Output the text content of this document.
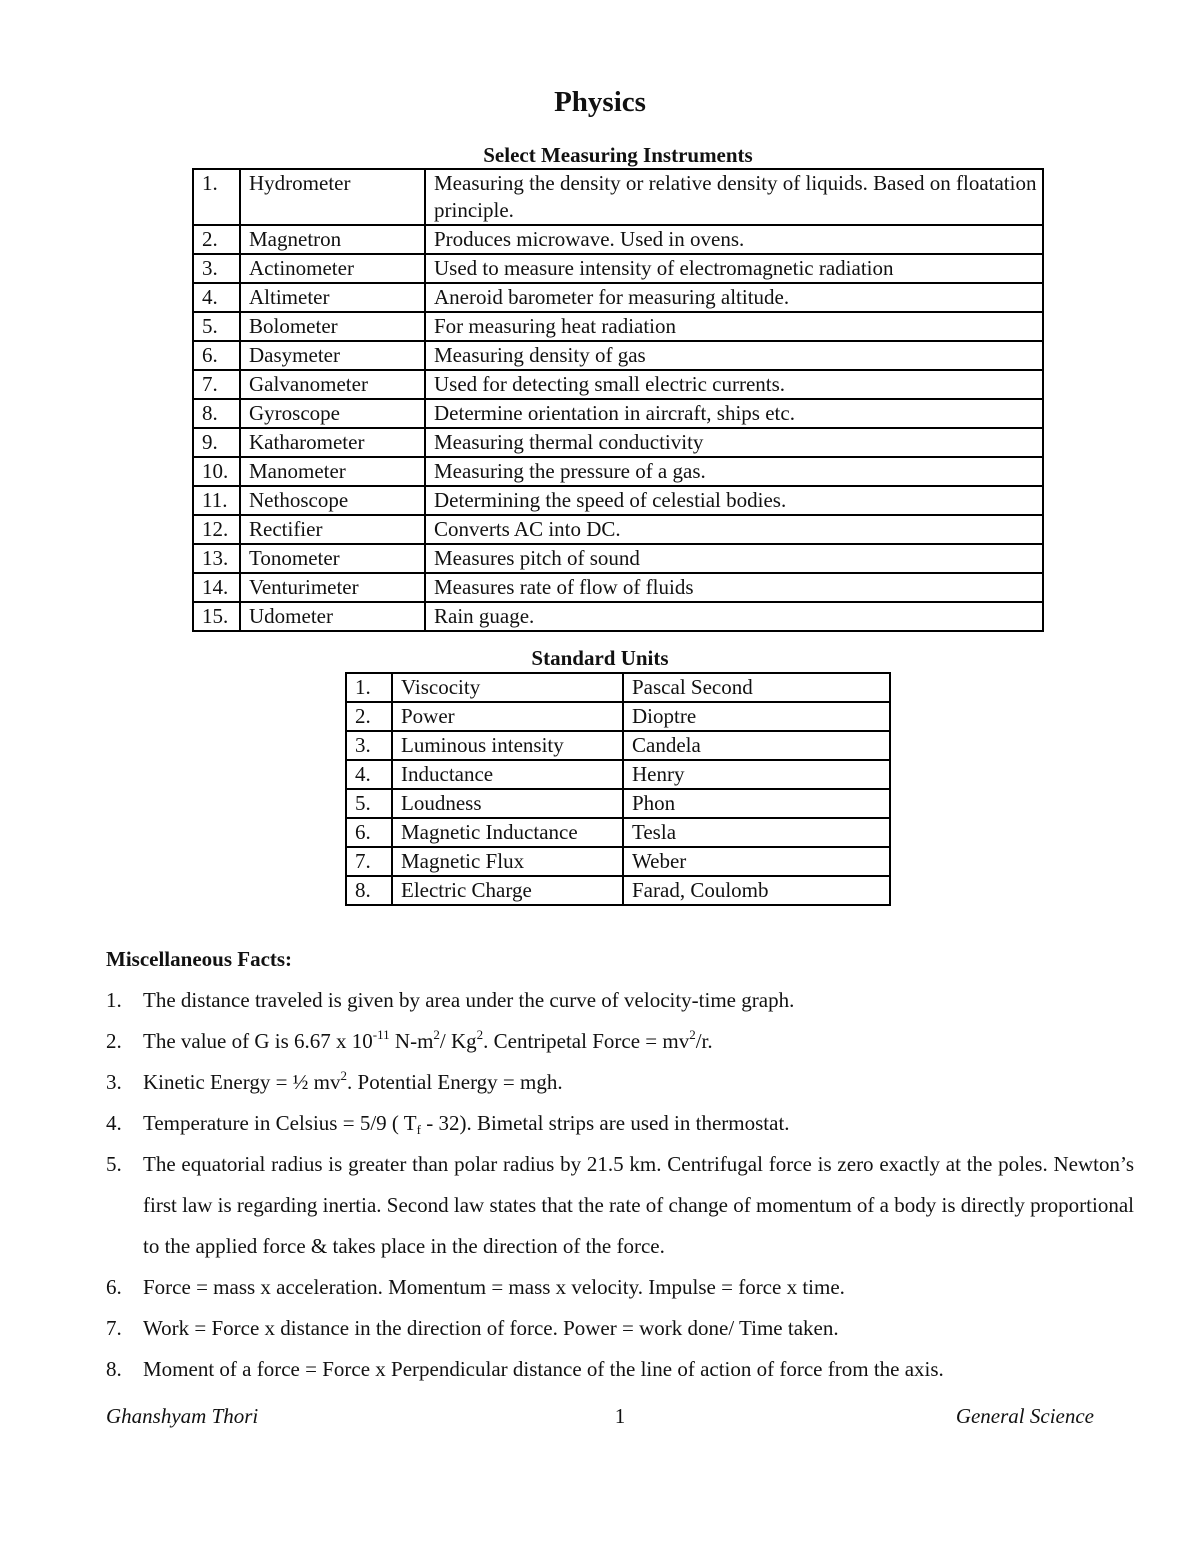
Physics
Select Measuring Instruments
1.	Hydrometer	Measuring the density or relative density of liquids. Based on floatation principle.
2.	Magnetron	Produces microwave. Used in ovens.
3.	Actinometer	Used to measure intensity of electromagnetic radiation
4.	Altimeter	Aneroid barometer for measuring altitude.
5.	Bolometer	For measuring heat radiation
6.	Dasymeter	Measuring density of gas
7.	Galvanometer	Used for detecting small electric currents.
8.	Gyroscope	Determine orientation in aircraft, ships etc.
9.	Katharometer	Measuring thermal conductivity
10.	Manometer	Measuring the pressure of a gas.
11.	Nethoscope	Determining the speed of celestial bodies.
12.	Rectifier	Converts AC into DC.
13.	Tonometer	Measures pitch of sound
14.	Venturimeter	Measures rate of flow of fluids
15.	Udometer	Rain guage.
Standard Units
1.	Viscocity	Pascal Second
2.	Power	Dioptre
3.	Luminous intensity	Candela
4.	Inductance	Henry
5.	Loudness	Phon
6.	Magnetic Inductance	Tesla
7.	Magnetic Flux	Weber
8.	Electric Charge	Farad, Coulomb
Miscellaneous Facts:
1. The distance traveled is given by area under the curve of velocity-time graph.
2. The value of G is 6.67 x $10^{-11}$ $N-m^2/$ Kg$^2$. Centripetal Force = $mv^2/r$.
3. Kinetic Energy = ½ $mv^2$. Potential Energy = mgh.
4. Temperature in Celsius = 5/9 ( $T_f - 32$). Bimetal strips are used in thermostat.
5. The equatorial radius is greater than polar radius by 21.5 km. Centrifugal force is zero exactly at the poles. Newton’s first law is regarding inertia. Second law states that the rate of change of momentum of a body is directly proportional to the applied force & takes place in the direction of the force.
6. Force = mass x acceleration. Momentum = mass x velocity. Impulse = force x time.
7. Work = Force x distance in the direction of force. Power = work done/ Time taken.
8. Moment of a force = Force x Perpendicular distance of the line of action of force from the axis.
Ghanshyam Thori	1	General Science
